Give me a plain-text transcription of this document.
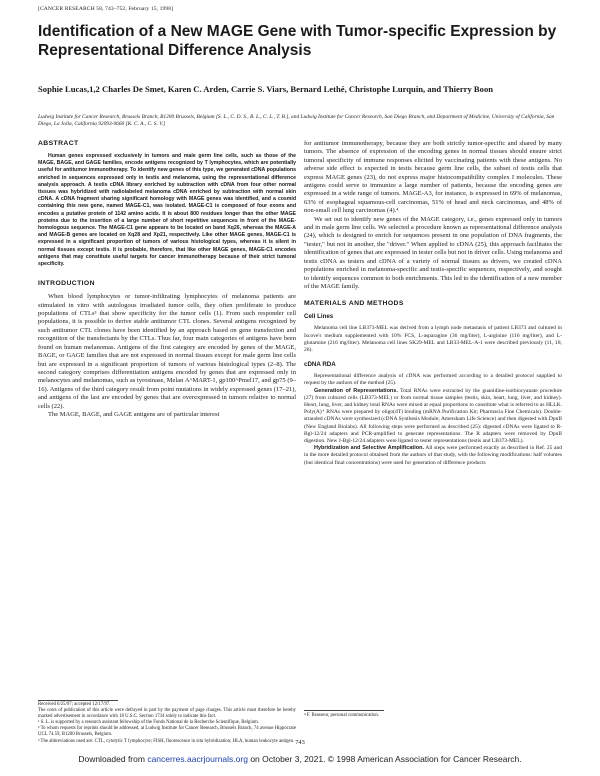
[CANCER RESEARCH 58, 743–752, February 15, 1998]
Identification of a New MAGE Gene with Tumor-specific Expression by Representational Difference Analysis
Sophie Lucas,1,2 Charles De Smet, Karen C. Arden, Carrie S. Viars, Bernard Lethé, Christophe Lurquin, and Thierry Boon
Ludwig Institute for Cancer Research, Brussels Branch, B1200 Brussels, Belgium [S. L., C. D. S., B. L., C. L., T. B.], and Ludwig Institute for Cancer Research, San Diego Branch, and Department of Medicine, University of California, San Diego, La Jolla, California 92093-0660 [K. C. A., C. S. V.]
ABSTRACT

Human genes expressed exclusively in tumors and male germ line cells, such as those of the MAGE, BAGE, and GAGE families, encode antigens recognized by T lymphocytes, which are potentially useful for antitumor immunotherapy. To identify new genes of this type, we generated cDNA populations enriched in sequences expressed only in testis and melanoma, using the representational difference analysis approach. A testis cDNA library enriched by subtraction with cDNA from four other normal tissues was hybridized with radiolabeled melanoma cDNA enriched by subtraction with normal skin cDNA. A cDNA fragment sharing significant homology with MAGE genes was identified, and a cosmid containing this new gene, named MAGE-C1, was isolated. MAGE-C1 is composed of four exons and encodes a putative protein of 1142 amino acids. It is about 800 residues longer than the other MAGE proteins due to the insertion of a large number of short repetitive sequences in front of the MAGE-homologous sequence. The MAGE-C1 gene appears to be located on band Xq26, whereas the MAGE-A and MAGE-B genes are located on Xq28 and Xp21, respectively. Like other MAGE genes, MAGE-C1 is expressed in a significant proportion of tumors of various histological types, whereas it is silent in normal tissues except testis. It is probable, therefore, that like other MAGE genes, MAGE-C1 encodes antigens that may constitute useful targets for cancer immunotherapy because of their strict tumoral specificity.

INTRODUCTION

When blood lymphocytes or tumor-infiltrating lymphocytes of melanoma patients are stimulated in vitro with autologous irradiated tumor cells, they often proliferate to produce populations of CTLs³ that show specificity for the tumor cells (1). From such responder cell populations, it is possible to derive stable antitumor CTL clones. Several antigens recognized by such antitumor CTL clones have been identified by an approach based on gene transfection and recognition of the transfectants by the CTLs. Thus far, four main categories of antigens have been found on human melanomas. Antigens of the first category are encoded by genes of the MAGE, BAGE, or GAGE families that are not expressed in normal tissues except for male germ line cells but are expressed in a significant proportion of tumors of various histological types (2–8). The second category comprises differentiation antigens encoded by genes that are expressed only in melanocytes and melanomas, such as tyrosinase, Melan A^MART-1, gp100^Pmel17, and gp75 (9–16). Antigens of the third category result from point mutations in widely expressed genes (17–21), and antigens of the last are encoded by genes that are overexpressed in tumors relative to normal cells (22).

The MAGE, BAGE, and GAGE antigens are of particular interest

for antitumor immunotherapy, because they are both strictly tumor-specific and shared by many tumors. The absence of expression of the encoding genes in normal tissues should ensure strict tumoral specificity of immune responses elicited by vaccinating patients with these antigens. No adverse side effect is expected in testis because germ line cells, the subset of testis cells that express MAGE genes (23), do not express major histocompatibility complex I molecules. These antigens could serve to immunize a large number of patients, because the encoding genes are expressed in a wide range of tumors. MAGE-A3, for instance, is expressed in 69% of melanomas, 63% of esophageal squamous-cell carcinomas, 51% of head and neck carcinomas, and 48% of non-small cell lung carcinomas (4).⁴

We set out to identify new genes of the MAGE category, i.e., genes expressed only in tumors and in male germ line cells. We selected a procedure known as representational difference analysis (24), which is designed to enrich for sequences present in one population of DNA fragments, the "tester," but not in another, the "driver." When applied to cDNA (25), this approach facilitates the identification of genes that are expressed in tester cells but not in driver cells. Using melanoma and testis cDNA as testers and cDNA of a variety of normal tissues as drivers, we created cDNA populations enriched in melanoma-specific and testis-specific sequences, respectively, and sought to identify sequences common to both enrichments. This led to the identification of a new member of the MAGE family.

MATERIALS AND METHODS
Cell Lines

Melanoma cell line LB373-MEL was derived from a lymph node metastasis of patient LB373 and cultured in Iscove's medium supplemented with 10% FCS, L-asparagine (36 mg/liter), L-arginine (116 mg/liter), and L-glutamine (216 mg/liter). Melanoma cell lines SK29-MEL and LB33-MEL-A-1 were described previously (11, 18, 26).

cDNA RDA

Representational difference analysis of cDNA was performed according to a detailed protocol supplied to request by the authors of the method (25).

Generation of Representations. Total RNAs were extracted by the guanidine-isothiocyanate procedure (27) from cultured cells (LB373-MEL) or from normal tissue samples (testis, skin, heart, lung, liver, and kidney). Heart, lung, liver, and kidney total RNAs were mixed at equal proportions to constitute what is referred to as HLLK. Poly(A)⁺ RNAs were prepared by oligo(dT) binding (mRNA Purification Kit; Pharmacia Fine Chemicals). Double-stranded cDNAs were synthesized (cDNA Synthesis Module; Amersham Life Science) and then digested with DpnII (New England Biolabs). All following steps were performed as described (25): digested cDNAs were ligated to R-Bgl-12/24 adapters and PCR-amplified to generate representations. The R adapters were removed by DpnII digestion. New J-Bgl-12/24 adapters were ligated to tester representations (testis and LB373-MEL).

Hybridization and Selective Amplification. All steps were performed exactly as described in Ref. 25 and in the more detailed protocol obtained from the authors of that study, with the following modifications: half volumes (but identical final concentrations) were used for generation of difference products

Received 6/25/97; accepted 12/17/97.
The costs of publication of this article were defrayed in part by the payment of page charges. This article must therefore be hereby marked advertisement in accordance with 18 U.S.C. Section 1734 solely to indicate this fact.
¹ S. L. is supported by a research assistant fellowship of the Fonds National de la Recherche Scientifique, Belgium.
² To whom requests for reprints should be addressed, at Ludwig Institute for Cancer Research, Brussels Branch, 74 avenue Hippocrate UCL 74.59, B1200 Brussels, Belgium.
³ The abbreviations used are: CTL, cytolytic T lymphocyte; FISH, fluorescence in situ hybridization; HLA, human leukocyte antigen.
⁴ F. Brasseur, personal communication.
743
Downloaded from cancerres.aacrjournals.org on October 3, 2021. © 1998 American Association for Cancer Research.
